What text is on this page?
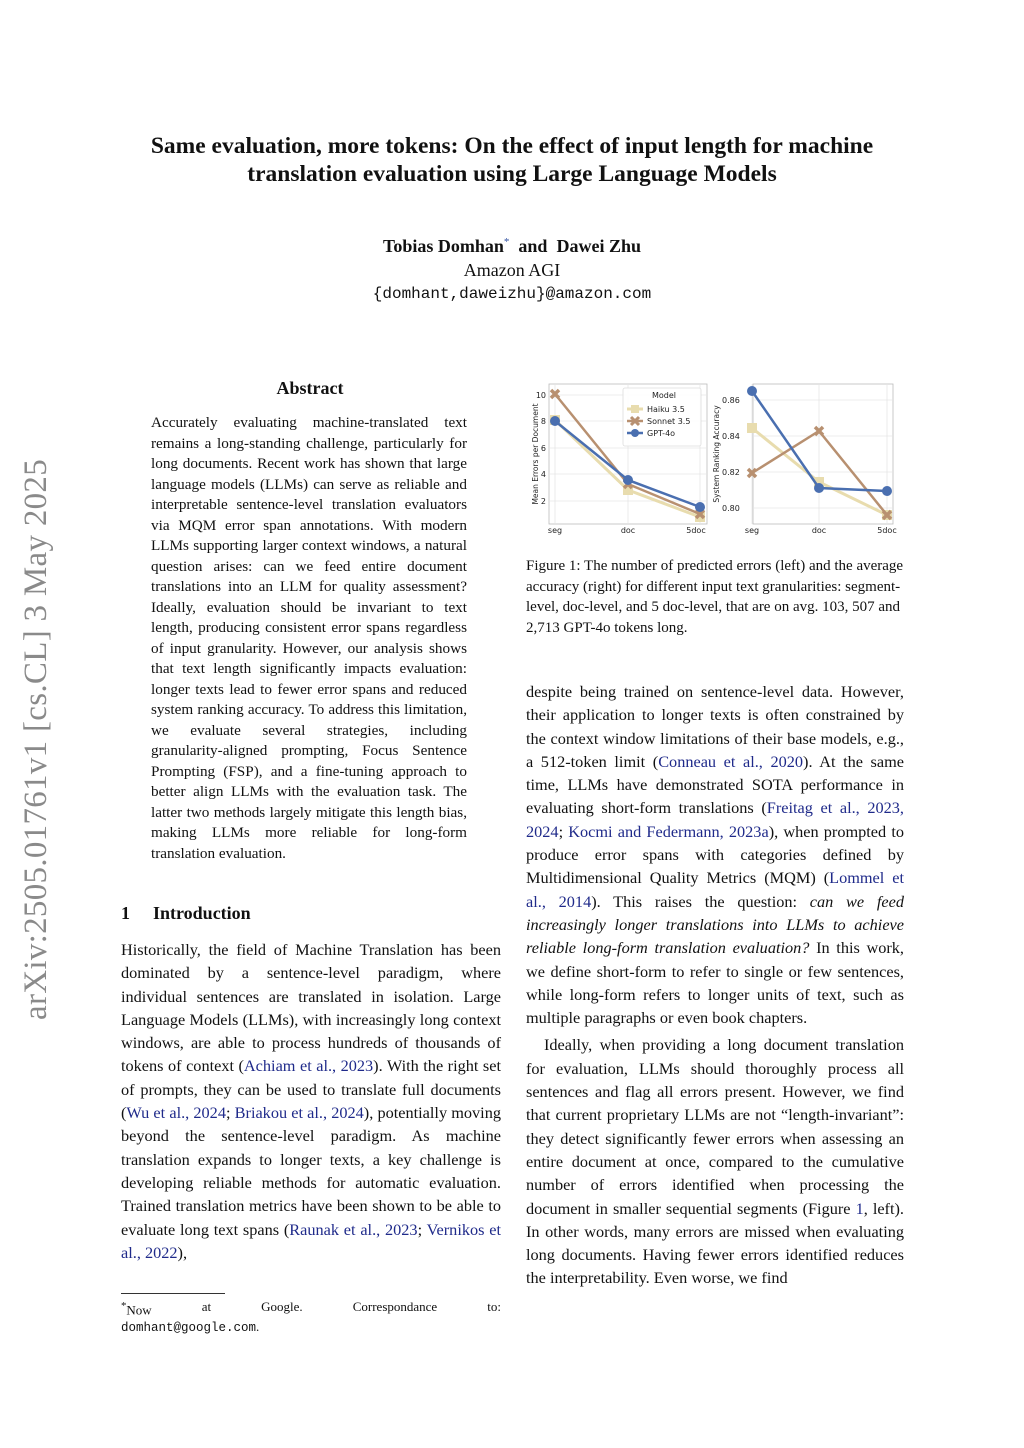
arXiv:2505.01761v1 [cs.CL] 3 May 2025
Same evaluation, more tokens: On the effect of input length for machine translation evaluation using Large Language Models
Tobias Domhan* and Dawei Zhu
Amazon AGI
{domhant,daweizhu}@amazon.com
Abstract
Accurately evaluating machine-translated text remains a long-standing challenge, particularly for long documents. Recent work has shown that large language models (LLMs) can serve as reliable and interpretable sentence-level translation evaluators via MQM error span annotations. With modern LLMs supporting larger context windows, a natural question arises: can we feed entire document translations into an LLM for quality assessment? Ideally, evaluation should be invariant to text length, producing consistent error spans regardless of input granularity. However, our analysis shows that text length significantly impacts evaluation: longer texts lead to fewer error spans and reduced system ranking accuracy. To address this limitation, we evaluate several strategies, including granularity-aligned prompting, Focus Sentence Prompting (FSP), and a fine-tuning approach to better align LLMs with the evaluation task. The latter two methods largely mitigate this length bias, making LLMs more reliable for long-form translation evaluation.
1 Introduction
Historically, the field of Machine Translation has been dominated by a sentence-level paradigm, where individual sentences are translated in isolation. Large Language Models (LLMs), with increasingly long context windows, are able to process hundreds of thousands of tokens of context (Achiam et al., 2023). With the right set of prompts, they can be used to translate full documents (Wu et al., 2024; Briakou et al., 2024), potentially moving beyond the sentence-level paradigm. As machine translation expands to longer texts, a key challenge is developing reliable methods for automatic evaluation. Trained translation metrics have been shown to be able to evaluate long text spans (Raunak et al., 2023; Vernikos et al., 2022),
*Now	at	Google.	Correspondance	to:
domhant@google.com.
2
4
6
8
10
seg	doc	5doc
Mean Errors per Document
Model
Haiku 3.5
Sonnet 3.5
GPT-4o
0.80
0.82
0.84
0.86
seg	doc	5doc
System Ranking Accuracy
Figure 1: The number of predicted errors (left) and the average accuracy (right) for different input text granularities: segment-level, doc-level, and 5 doc-level, that are on avg. 103, 507 and 2,713 GPT-4o tokens long.
despite being trained on sentence-level data. However, their application to longer texts is often constrained by the context window limitations of their base models, e.g., a 512-token limit (Conneau et al., 2020). At the same time, LLMs have demonstrated SOTA performance in evaluating short-form translations (Freitag et al., 2023, 2024; Kocmi and Federmann, 2023a), when prompted to produce error spans with categories defined by Multidimensional Quality Metrics (MQM) (Lommel et al., 2014). This raises the question: can we feed increasingly longer translations into LLMs to achieve reliable long-form translation evaluation? In this work, we define short-form to refer to single or few sentences, while long-form refers to longer units of text, such as multiple paragraphs or even book chapters.
Ideally, when providing a long document translation for evaluation, LLMs should thoroughly process all sentences and flag all errors present. However, we find that current proprietary LLMs are not “length-invariant”: they detect significantly fewer errors when assessing an entire document at once, compared to the cumulative number of errors identified when processing the document in smaller sequential segments (Figure 1, left). In other words, many errors are missed when evaluating long documents. Having fewer errors identified reduces the interpretability. Even worse, we find
